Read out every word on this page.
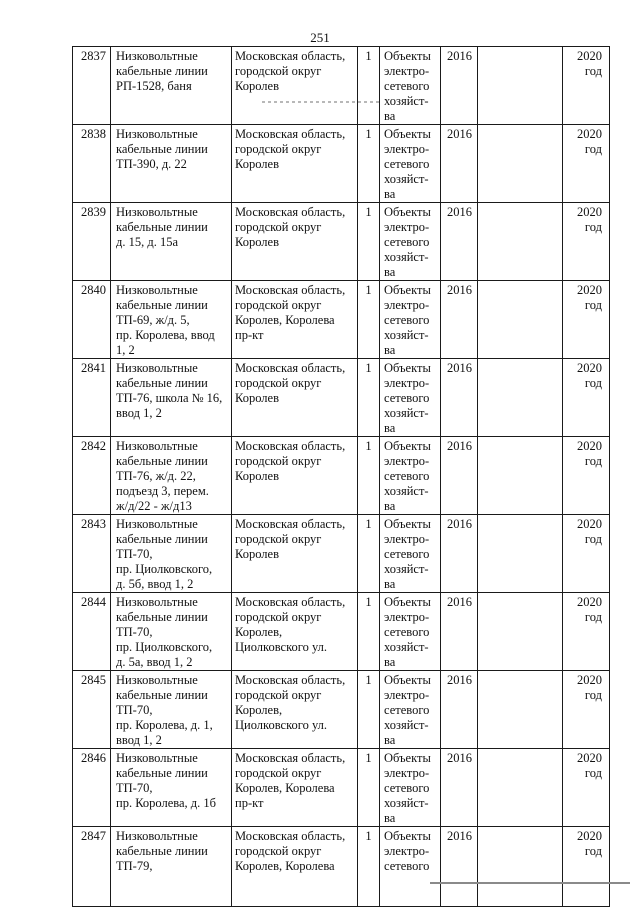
251
2837	Низковольтные
кабельные линии
РП-1528, баня	Московская область,
городской округ
Королев	1	Объекты
электро-
сетевого
хозяйст-
ва	2016		2020
год

2838	Низковольтные
кабельные линии
ТП-390, д. 22	Московская область,
городской округ
Королев	1	Объекты
электро-
сетевого
хозяйст-
ва	2016		2020
год

2839	Низковольтные
кабельные линии
д. 15, д. 15а	Московская область,
городской округ
Королев	1	Объекты
электро-
сетевого
хозяйст-
ва	2016		2020
год

2840	Низковольтные
кабельные линии
ТП-69, ж/д. 5,
пр. Королева, ввод
1, 2	Московская область,
городской округ
Королев, Королева
пр-кт	1	Объекты
электро-
сетевого
хозяйст-
ва	2016		2020
год

2841	Низковольтные
кабельные линии
ТП-76, школа № 16,
ввод 1, 2	Московская область,
городской округ
Королев	1	Объекты
электро-
сетевого
хозяйст-
ва	2016		2020
год

2842	Низковольтные
кабельные линии
ТП-76, ж/д. 22,
подъезд 3, перем.
ж/д/22 - ж/д13	Московская область,
городской округ
Королев	1	Объекты
электро-
сетевого
хозяйст-
ва	2016		2020
год

2843	Низковольтные
кабельные линии
ТП-70,
пр. Циолковского,
д. 5б, ввод 1, 2	Московская область,
городской округ
Королев	1	Объекты
электро-
сетевого
хозяйст-
ва	2016		2020
год

2844	Низковольтные
кабельные линии
ТП-70,
пр. Циолковского,
д. 5а, ввод 1, 2	Московская область,
городской округ
Королев,
Циолковского ул.	1	Объекты
электро-
сетевого
хозяйст-
ва	2016		2020
год

2845	Низковольтные
кабельные линии
ТП-70,
пр. Королева, д. 1,
ввод 1, 2	Московская область,
городской округ
Королев,
Циолковского ул.	1	Объекты
электро-
сетевого
хозяйст-
ва	2016		2020
год

2846	Низковольтные
кабельные линии
ТП-70,
пр. Королева, д. 1б	Московская область,
городской округ
Королев, Королева
пр-кт	1	Объекты
электро-
сетевого
хозяйст-
ва	2016		2020
год

2847	Низковольтные
кабельные линии
ТП-79,	Московская область,
городской округ
Королев, Королева	1	Объекты
электро-
сетевого	2016		2020
год
